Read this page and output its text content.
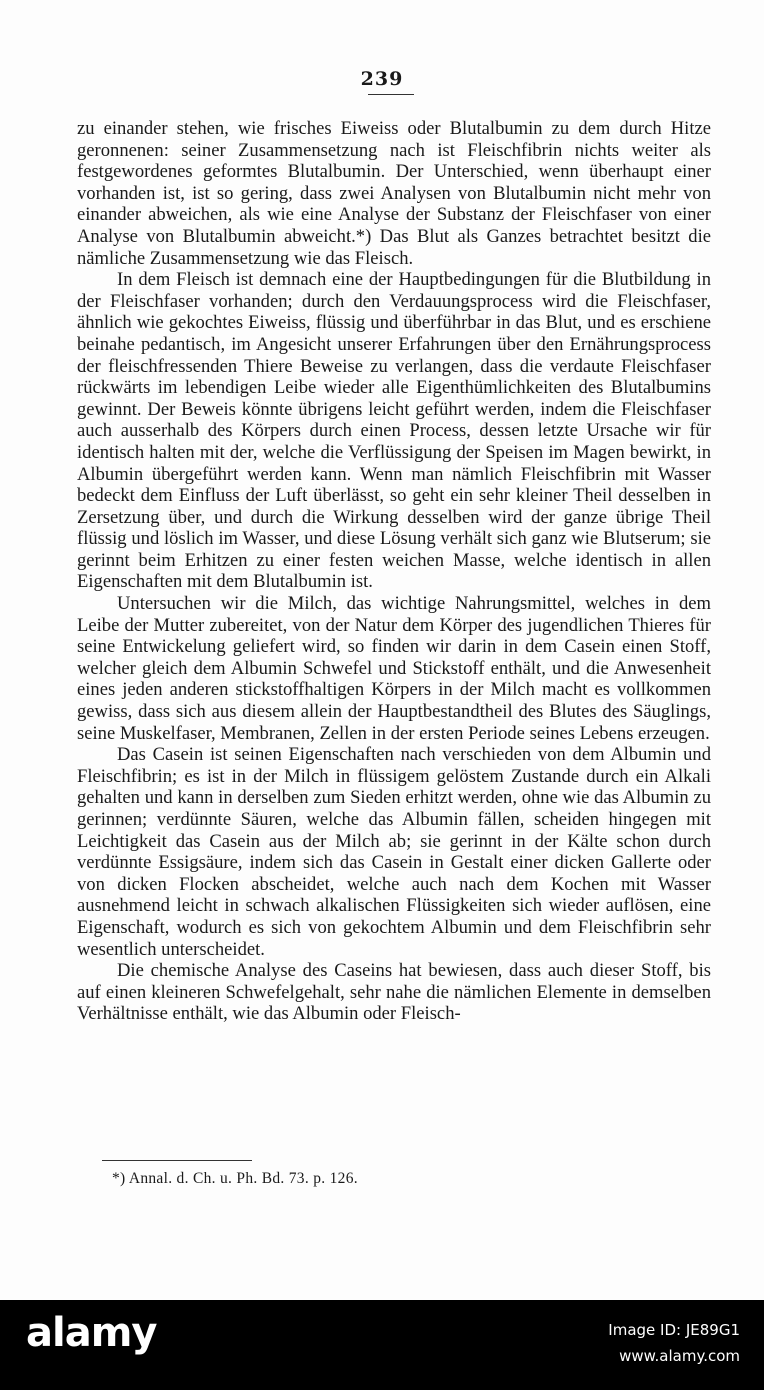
239

zu einander stehen, wie frisches Eiweiss oder Blutalbumin zu dem durch Hitze geronnenen: seiner Zusammensetzung nach ist Fleischfibrin nichts weiter als festgewordenes geformtes Blutalbumin. Der Unterschied, wenn überhaupt einer vorhanden ist, ist so gering, dass zwei Analysen von Blutalbumin nicht mehr von einander abweichen, als wie eine Analyse der Substanz der Fleischfaser von einer Analyse von Blutalbumin abweicht.*) Das Blut als Ganzes betrachtet besitzt die nämliche Zusammensetzung wie das Fleisch.

In dem Fleisch ist demnach eine der Hauptbedingungen für die Blutbildung in der Fleischfaser vorhanden; durch den Verdauungsprocess wird die Fleischfaser, ähnlich wie gekochtes Eiweiss, flüssig und überführbar in das Blut, und es erschiene beinahe pedantisch, im Angesicht unserer Erfahrungen über den Ernährungsprocess der fleischfressenden Thiere Beweise zu verlangen, dass die verdaute Fleischfaser rückwärts im lebendigen Leibe wieder alle Eigenthümlichkeiten des Blutalbumins gewinnt. Der Beweis könnte übrigens leicht geführt werden, indem die Fleischfaser auch ausserhalb des Körpers durch einen Process, dessen letzte Ursache wir für identisch halten mit der, welche die Verflüssigung der Speisen im Magen bewirkt, in Albumin übergeführt werden kann. Wenn man nämlich Fleischfibrin mit Wasser bedeckt dem Einfluss der Luft überlässt, so geht ein sehr kleiner Theil desselben in Zersetzung über, und durch die Wirkung desselben wird der ganze übrige Theil flüssig und löslich im Wasser, und diese Lösung verhält sich ganz wie Blutserum; sie gerinnt beim Erhitzen zu einer festen weichen Masse, welche identisch in allen Eigenschaften mit dem Blutalbumin ist.

Untersuchen wir die Milch, das wichtige Nahrungsmittel, welches in dem Leibe der Mutter zubereitet, von der Natur dem Körper des jugendlichen Thieres für seine Entwickelung geliefert wird, so finden wir darin in dem Casein einen Stoff, welcher gleich dem Albumin Schwefel und Stickstoff enthält, und die Anwesenheit eines jeden anderen stickstoffhaltigen Körpers in der Milch macht es vollkommen gewiss, dass sich aus diesem allein der Hauptbestandtheil des Blutes des Säuglings, seine Muskelfaser, Membranen, Zellen in der ersten Periode seines Lebens erzeugen.

Das Casein ist seinen Eigenschaften nach verschieden von dem Albumin und Fleischfibrin; es ist in der Milch in flüssigem gelöstem Zustande durch ein Alkali gehalten und kann in derselben zum Sieden erhitzt werden, ohne wie das Albumin zu gerinnen; verdünnte Säuren, welche das Albumin fällen, scheiden hingegen mit Leichtigkeit das Casein aus der Milch ab; sie gerinnt in der Kälte schon durch verdünnte Essigsäure, indem sich das Casein in Gestalt einer dicken Gallerte oder von dicken Flocken abscheidet, welche auch nach dem Kochen mit Wasser ausnehmend leicht in schwach alkalischen Flüssigkeiten sich wieder auflösen, eine Eigenschaft, wodurch es sich von gekochtem Albumin und dem Fleischfibrin sehr wesentlich unterscheidet.

Die chemische Analyse des Caseins hat bewiesen, dass auch dieser Stoff, bis auf einen kleineren Schwefelgehalt, sehr nahe die nämlichen Elemente in demselben Verhältnisse enthält, wie das Albumin oder Fleisch-

*) Annal. d. Ch. u. Ph. Bd. 73. p. 126.
alamy	Image ID: JE89G1
www.alamy.com
